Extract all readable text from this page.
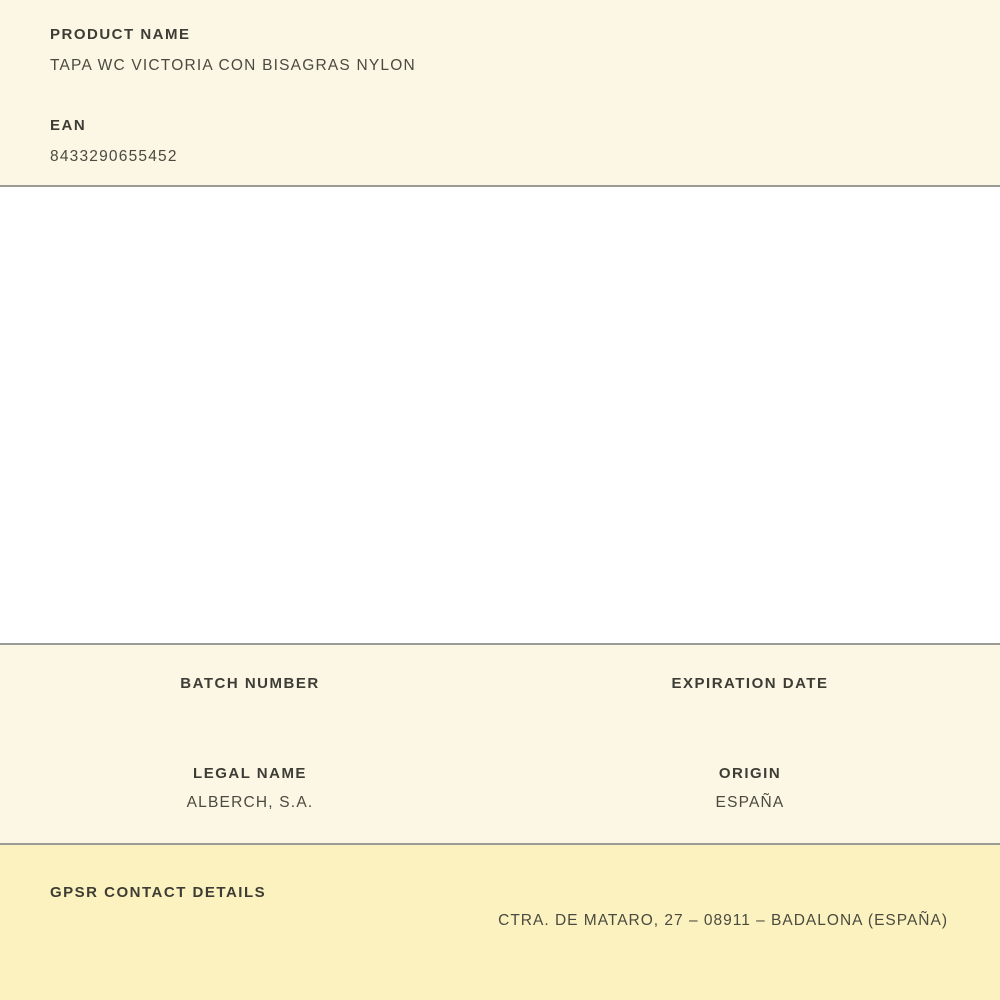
PRODUCT NAME
TAPA WC VICTORIA CON BISAGRAS NYLON
EAN
8433290655452
BATCH NUMBER	EXPIRATION DATE
LEGAL NAME
ALBERCH, S.A.
ORIGIN
ESPAÑA
GPSR CONTACT DETAILS
CTRA. DE MATARO, 27 – 08911 – BADALONA (ESPAÑA)
